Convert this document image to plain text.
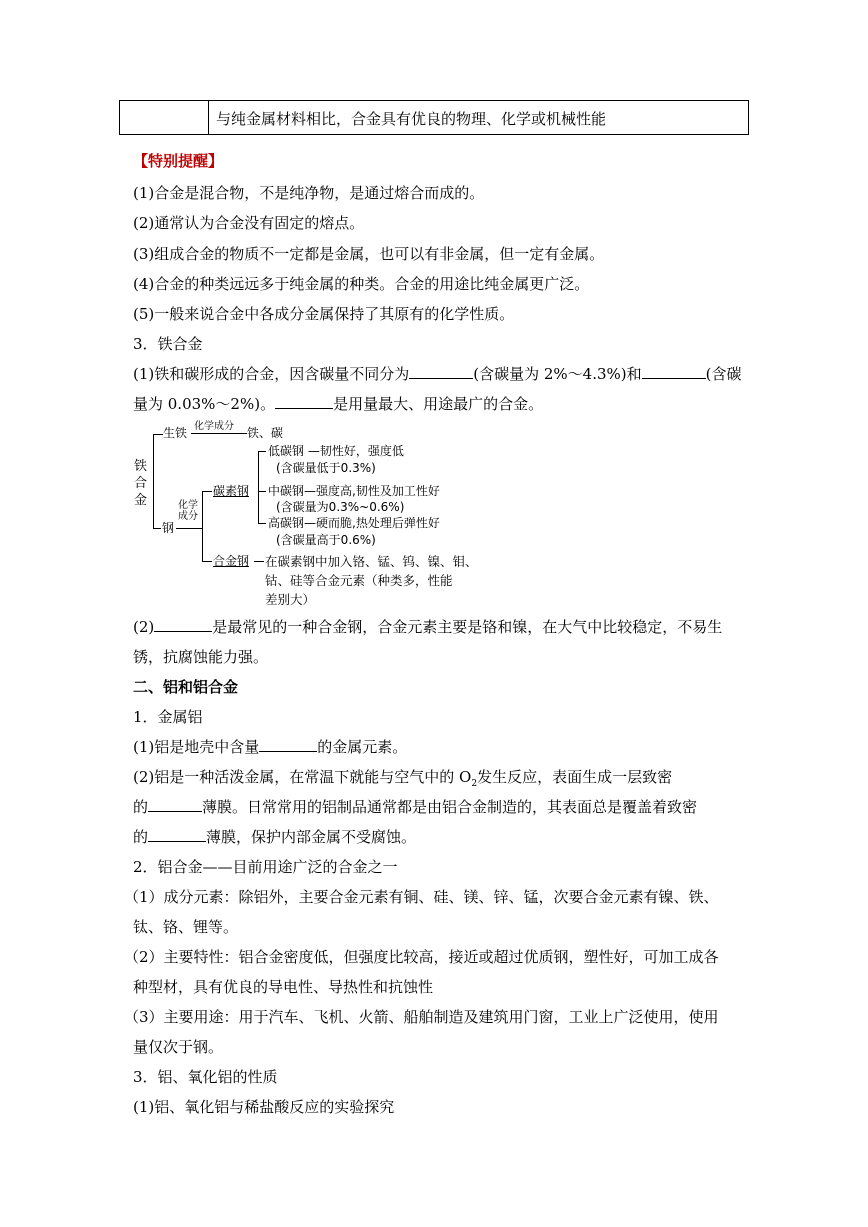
与纯金属材料相比，合金具有优良的物理、化学或机械性能
【特别提醒】
(1)合金是混合物，不是纯净物，是通过熔合而成的。
(2)通常认为合金没有固定的熔点。
(3)组成合金的物质不一定都是金属，也可以有非金属，但一定有金属。
(4)合金的种类远远多于纯金属的种类。合金的用途比纯金属更广泛。
(5)一般来说合金中各成分金属保持了其原有的化学性质。
3．铁合金
(1)铁和碳形成的合金，因含碳量不同分为	(含碳量为 2%～4.3%)和	(含碳
量为 0.03%～2%)。	是用量最大、用途最广的合金。
铁
合
金
生铁 化学成分 铁、碳
钢
化学
成分
碳素钢
低碳钢 —韧性好，强度低
(含碳量低于0.3%)
中碳钢—强度高,韧性及加工性好
(含碳量为0.3%~0.6%)
高碳钢—硬而脆,热处理后弹性好
(含碳量高于0.6%)
合金钢 在碳素钢中加入铬、锰、钨、镍、钼、
钴、硅等合金元素（种类多，性能
差别大）
(2)	是最常见的一种合金钢，合金元素主要是铬和镍，在大气中比较稳定，不易生
锈，抗腐蚀能力强。
二、铝和铝合金
1．金属铝
(1)铝是地壳中含量	的金属元素。
(2)铝是一种活泼金属，在常温下就能与空气中的 $O_2$发生反应，表面生成一层致密
的	薄膜。日常常用的铝制品通常都是由铝合金制造的，其表面总是覆盖着致密
的	薄膜，保护内部金属不受腐蚀。
2．铝合金——目前用途广泛的合金之一
（1）成分元素：除铝外，主要合金元素有铜、硅、镁、锌、锰，次要合金元素有镍、铁、
钛、铬、锂等。
（2）主要特性：铝合金密度低，但强度比较高，接近或超过优质钢，塑性好，可加工成各
种型材，具有优良的导电性、导热性和抗蚀性
（3）主要用途：用于汽车、飞机、火箭、船舶制造及建筑用门窗，工业上广泛使用，使用
量仅次于钢。
3．铝、氧化铝的性质
(1)铝、氧化铝与稀盐酸反应的实验探究
